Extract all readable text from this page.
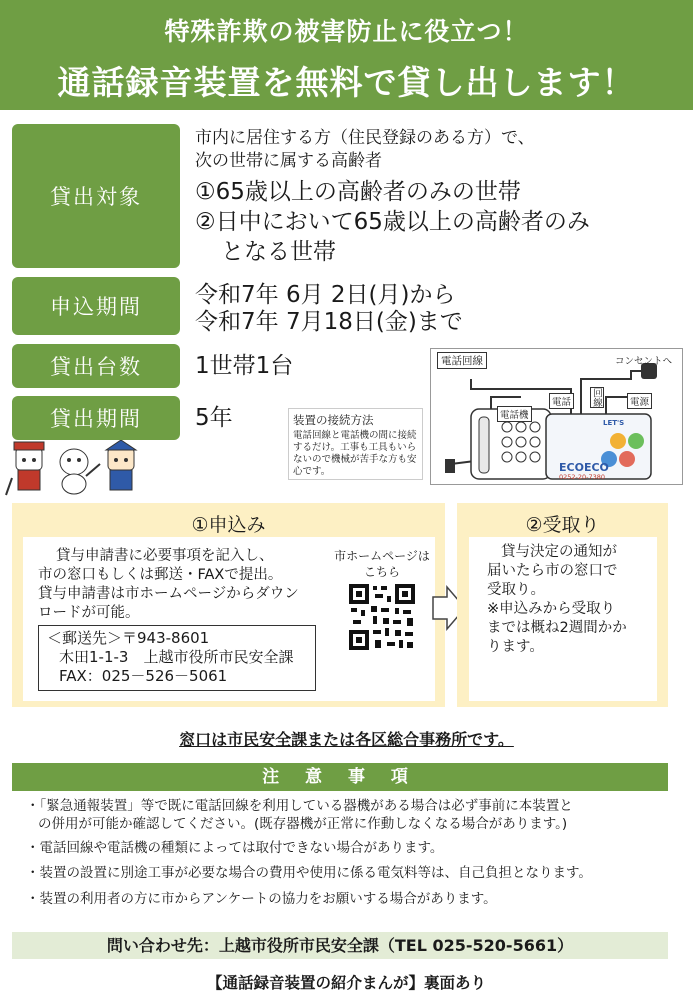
特殊詐欺の被害防止に役立つ！
通話録音装置を無料で貸し出します！
貸出対象
市内に居住する方（住民登録のある方）で、
次の世帯に属する高齢者
①65歳以上の高齢者のみの世帯
②日中において65歳以上の高齢者のみ
となる世帯
申込期間	令和7年 6月 2日(月)から
令和7年 7月18日(金)まで
貸出台数	1世帯1台
貸出期間	5年	装置の接続方法
電話回線と電話機の間に接続するだけ。工事も工具もいらないので機械が苦手な方も安心です。
電話回線	コンセントへ
電話機
電話	回線	電源
ECOECO
LET'S
0252-20-7380
①申込み
貸与申請書に必要事項を記入し、
市の窓口もしくは郵送・FAXで提出。
貸与申請書は市ホームページからダウン
ロードが可能。
市ホームページは
こちら
＜郵送先＞〒943-8601
木田1-1-3　上越市役所市民安全課
FAX：025－526－5061
②受取り
貸与決定の通知が
届いたら市の窓口で
受取り。
※申込みから受取り
までは概ね2週間かか
ります。
窓口は市民安全課または各区総合事務所です。
注 意 事 項
・「緊急通報装置」等で既に電話回線を利用している器機がある場合は必ず事前に本装置と
の併用が可能か確認してください。(既存器機が正常に作動しなくなる場合があります。)
・電話回線や電話機の種類によっては取付できない場合があります。
・装置の設置に別途工事が必要な場合の費用や使用に係る電気料等は、自己負担となります。
・装置の利用者の方に市からアンケートの協力をお願いする場合があります。
問い合わせ先：上越市役所市民安全課（TEL 025-520-5661）
【通話録音装置の紹介まんが】裏面あり
